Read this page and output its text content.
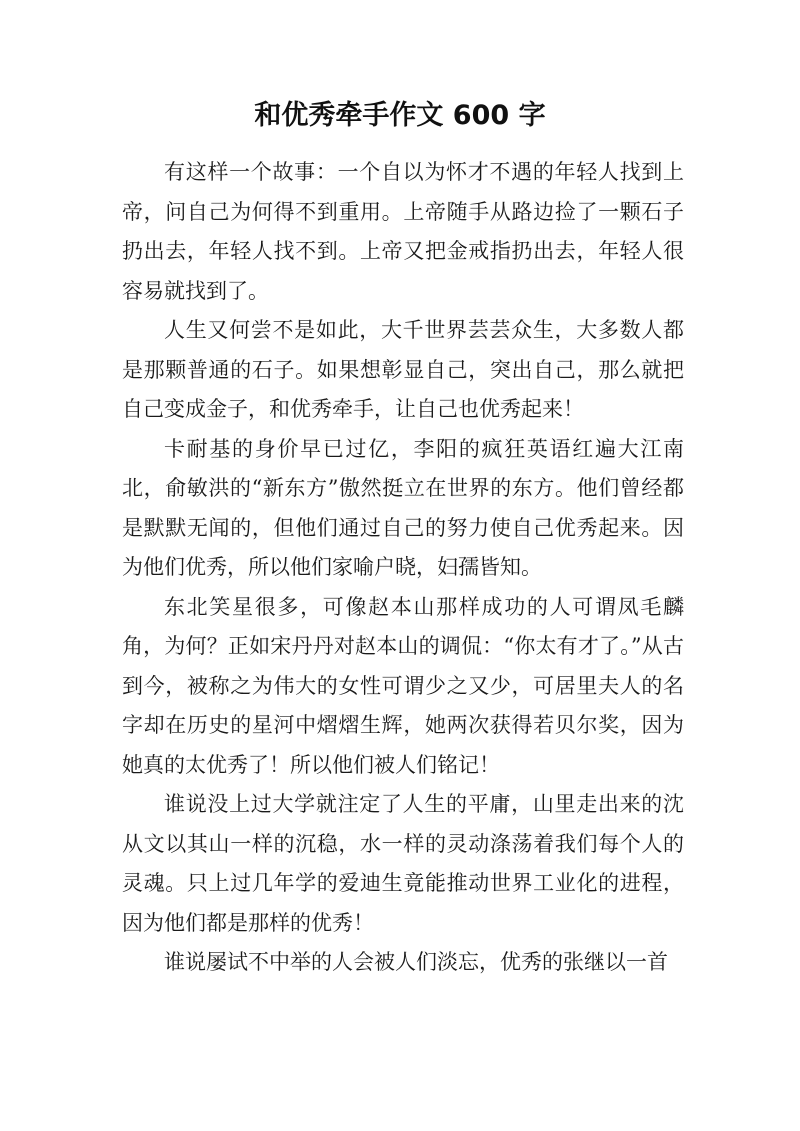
和优秀牵手作文 600 字

有这样一个故事：一个自以为怀才不遇的年轻人找到上帝，问自己为何得不到重用。上帝随手从路边捡了一颗石子扔出去，年轻人找不到。上帝又把金戒指扔出去，年轻人很容易就找到了。

人生又何尝不是如此，大千世界芸芸众生，大多数人都是那颗普通的石子。如果想彰显自己，突出自己，那么就把自己变成金子，和优秀牵手，让自己也优秀起来！

卡耐基的身价早已过亿，李阳的疯狂英语红遍大江南北，俞敏洪的“新东方”傲然挺立在世界的东方。他们曾经都是默默无闻的，但他们通过自己的努力使自己优秀起来。因为他们优秀，所以他们家喻户晓，妇孺皆知。

东北笑星很多，可像赵本山那样成功的人可谓凤毛麟角，为何？正如宋丹丹对赵本山的调侃：“你太有才了。”从古到今，被称之为伟大的女性可谓少之又少，可居里夫人的名字却在历史的星河中熠熠生辉，她两次获得若贝尔奖，因为她真的太优秀了！所以他们被人们铭记！

谁说没上过大学就注定了人生的平庸，山里走出来的沈从文以其山一样的沉稳，水一样的灵动涤荡着我们每个人的灵魂。只上过几年学的爱迪生竟能推动世界工业化的进程，因为他们都是那样的优秀！

谁说屡试不中举的人会被人们淡忘，优秀的张继以一首
